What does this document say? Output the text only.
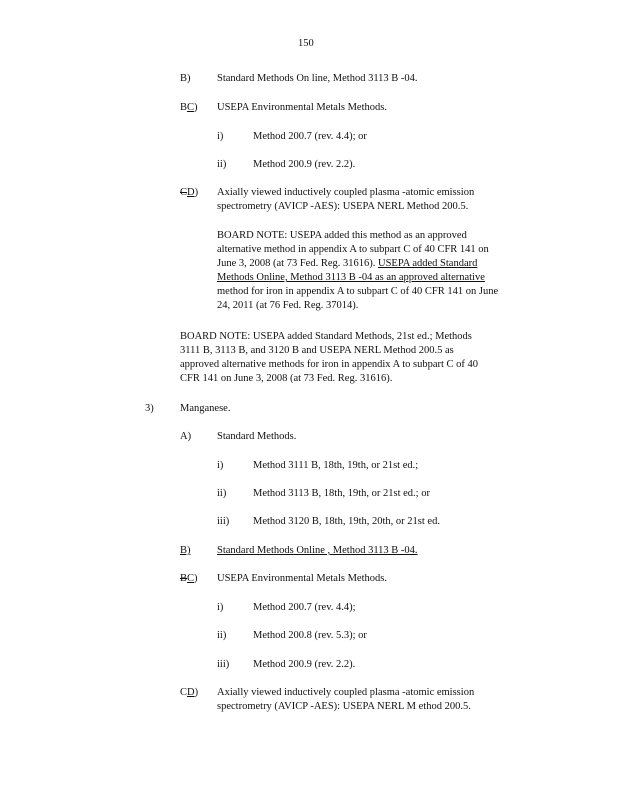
150
B)	Standard Methods On line, Method 3113 B -04.
BC) USEPA Environmental Metals Methods.
i)	Method 200.7 (rev. 4.4); or
ii)	Method 200.9 (rev. 2.2).
CD) Axially viewed inductively coupled plasma -atomic emission
spectrometry (AVICP -AES): USEPA NERL Method 200.5.
BOARD NOTE: USEPA added this method as an approved
alternative method in appendix A to subpart C of 40 CFR 141 on
June 3, 2008 (at 73 Fed. Reg. 31616). USEPA added Standard
Methods Online, Method 3113 B -04 as an approved alternative
method for iron in appendix A to subpart C of 40 CFR 141 on June
24, 2011 (at 76 Fed. Reg. 37014).
BOARD NOTE: USEPA added Standard Methods, 21st ed.; Methods
3111 B, 3113 B, and 3120 B and USEPA NERL Method 200.5 as
approved alternative methods for iron in appendix A to subpart C of 40
CFR 141 on June 3, 2008 (at 73 Fed. Reg. 31616).
3)	Manganese.
A) Standard Methods.
i)	Method 3111 B, 18th, 19th, or 21st ed.;
ii)	Method 3113 B, 18th, 19th, or 21st ed.; or
iii) Method 3120 B, 18th, 19th, 20th, or 21st ed.
B)	Standard Methods Online , Method 3113 B -04.
BC) USEPA Environmental Metals Methods.
i)	Method 200.7 (rev. 4.4);
ii)	Method 200.8 (rev. 5.3); or
iii) Method 200.9 (rev. 2.2).
CD) Axially viewed inductively coupled plasma -atomic emission
spectrometry (AVICP -AES): USEPA NERL M ethod 200.5.
